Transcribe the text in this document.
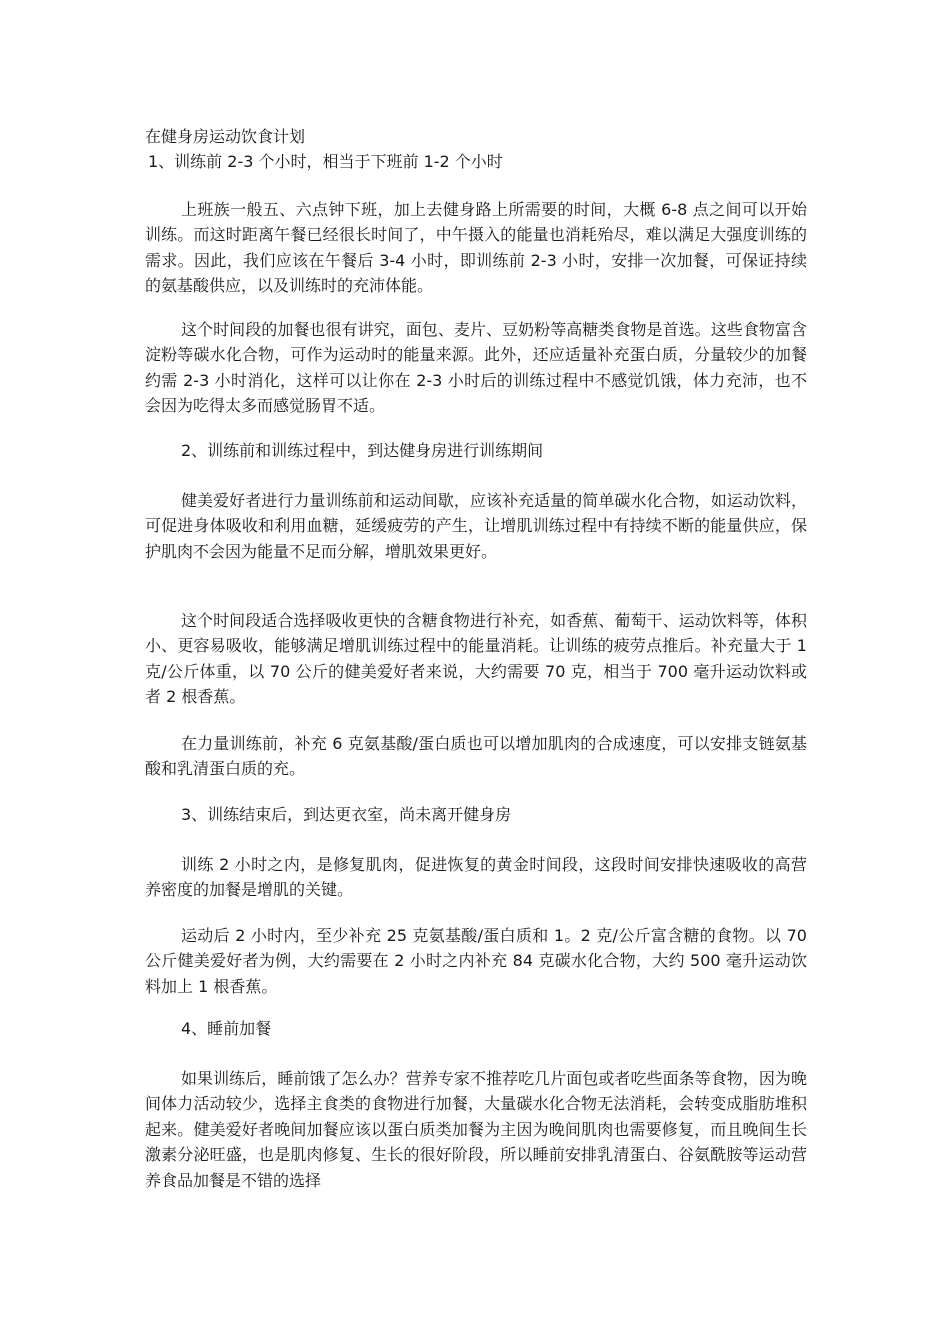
在健身房运动饮食计划
1、训练前 2-3 个小时，相当于下班前 1-2 个小时

上班族一般五、六点钟下班，加上去健身路上所需要的时间，大概 6-8 点之间可以开始训练。而这时距离午餐已经很长时间了，中午摄入的能量也消耗殆尽，难以满足大强度训练的需求。因此，我们应该在午餐后 3-4 小时，即训练前 2-3 小时，安排一次加餐，可保证持续的氨基酸供应，以及训练时的充沛体能。

这个时间段的加餐也很有讲究，面包、麦片、豆奶粉等高糖类食物是首选。这些食物富含淀粉等碳水化合物，可作为运动时的能量来源。此外，还应适量补充蛋白质，分量较少的加餐约需 2-3 小时消化，这样可以让你在 2-3 小时后的训练过程中不感觉饥饿，体力充沛，也不会因为吃得太多而感觉肠胃不适。

2、训练前和训练过程中，到达健身房进行训练期间

健美爱好者进行力量训练前和运动间歇，应该补充适量的简单碳水化合物，如运动饮料，可促进身体吸收和利用血糖，延缓疲劳的产生，让增肌训练过程中有持续不断的能量供应，保护肌肉不会因为能量不足而分解，增肌效果更好。

这个时间段适合选择吸收更快的含糖食物进行补充，如香蕉、葡萄干、运动饮料等，体积小、更容易吸收，能够满足增肌训练过程中的能量消耗。让训练的疲劳点推后。补充量大于 1 克/公斤体重，以 70 公斤的健美爱好者来说，大约需要 70 克，相当于 700 毫升运动饮料或者 2 根香蕉。

在力量训练前，补充 6 克氨基酸/蛋白质也可以增加肌肉的合成速度，可以安排支链氨基酸和乳清蛋白质的充。

3、训练结束后，到达更衣室，尚未离开健身房

训练 2 小时之内，是修复肌肉，促进恢复的黄金时间段，这段时间安排快速吸收的高营养密度的加餐是增肌的关键。

运动后 2 小时内，至少补充 25 克氨基酸/蛋白质和 1。2 克/公斤富含糖的食物。以 70 公斤健美爱好者为例，大约需要在 2 小时之内补充 84 克碳水化合物，大约 500 毫升运动饮料加上 1 根香蕉。

4、睡前加餐

如果训练后，睡前饿了怎么办？营养专家不推荐吃几片面包或者吃些面条等食物，因为晚间体力活动较少，选择主食类的食物进行加餐，大量碳水化合物无法消耗，会转变成脂肪堆积起来。健美爱好者晚间加餐应该以蛋白质类加餐为主因为晚间肌肉也需要修复，而且晚间生长激素分泌旺盛，也是肌肉修复、生长的很好阶段，所以睡前安排乳清蛋白、谷氨酰胺等运动营养食品加餐是不错的选择
